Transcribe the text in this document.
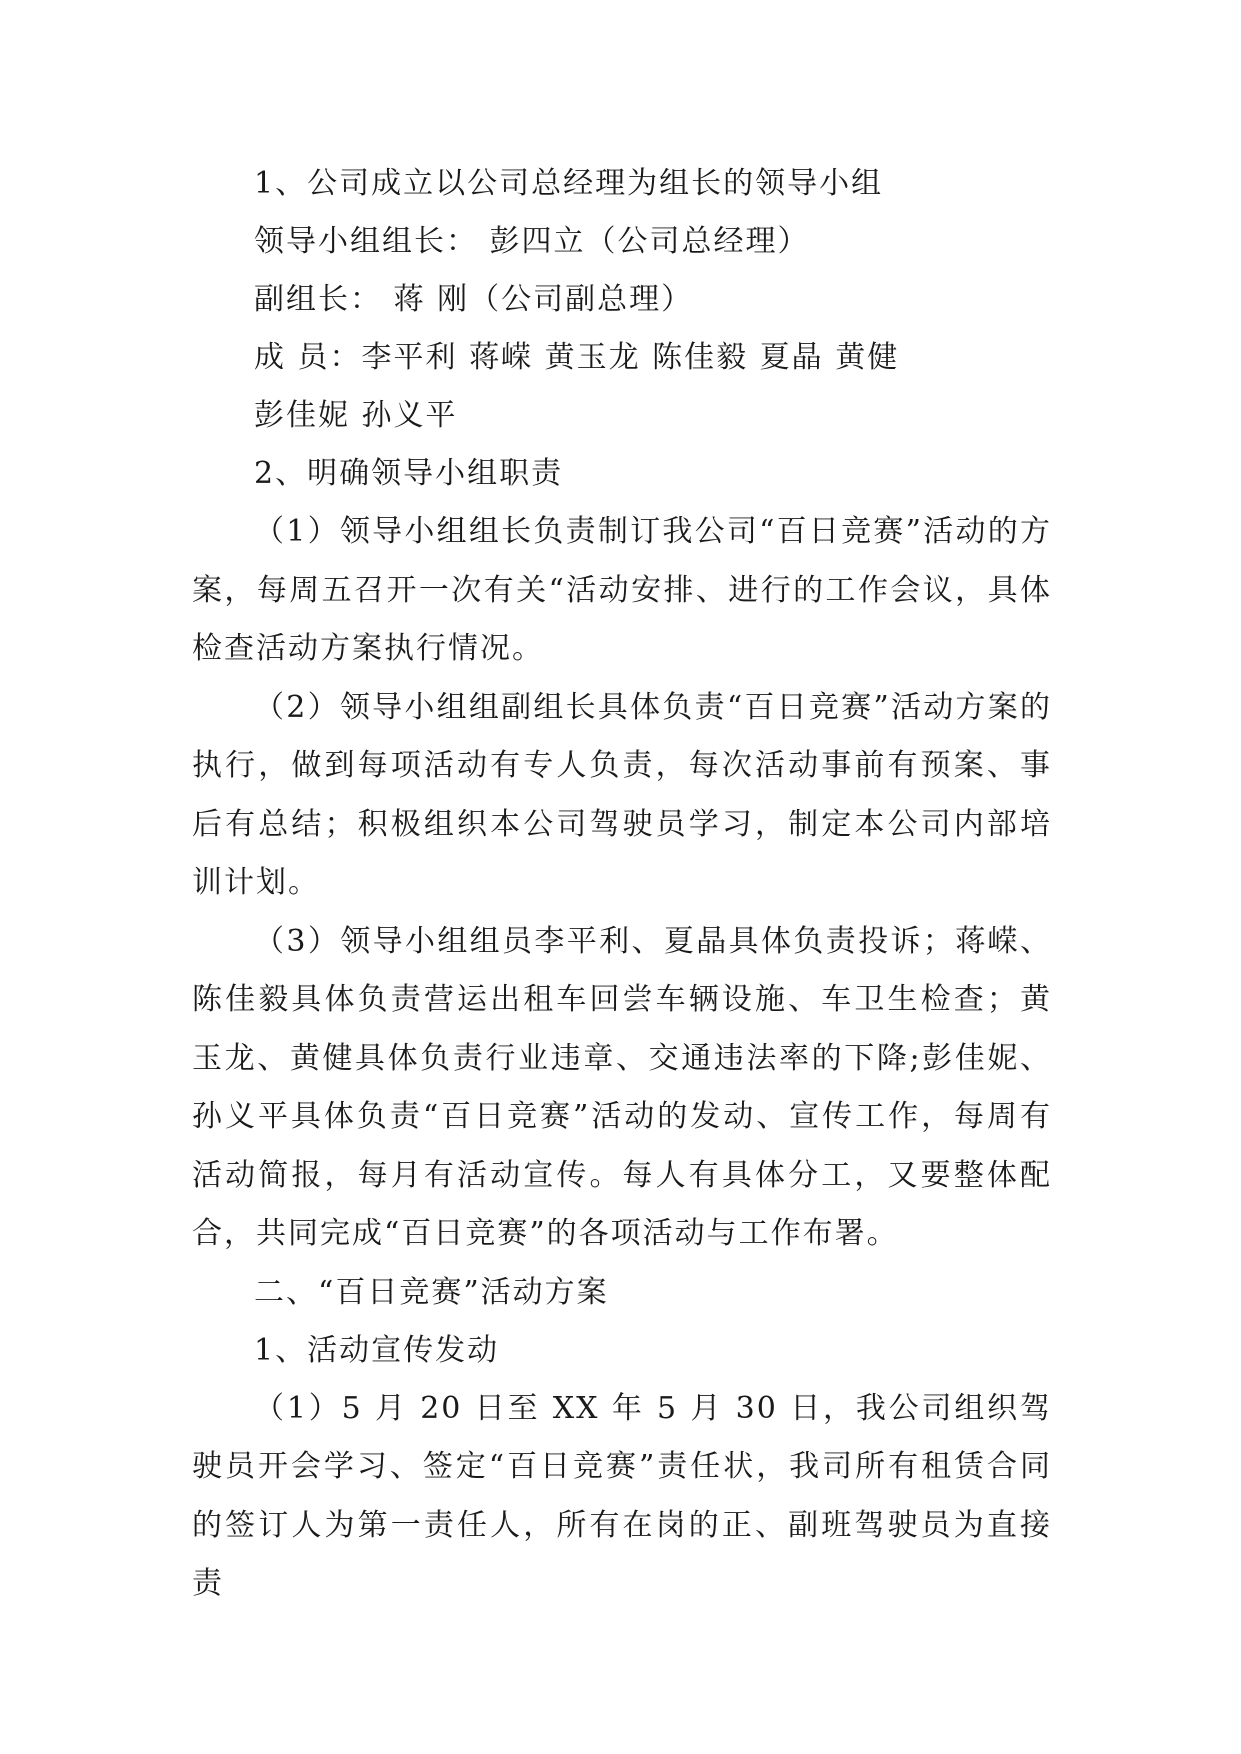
1、公司成立以公司总经理为组长的领导小组
领导小组组长： 彭四立（公司总经理）
副组长： 蒋 刚（公司副总理）
成 员：李平利 蒋嵘 黄玉龙 陈佳毅 夏晶 黄健
彭佳妮 孙义平
2、明确领导小组职责

（1）领导小组组长负责制订我公司“百日竞赛”活动的方案，每周五召开一次有关“活动安排、进行的工作会议，具体检查活动方案执行情况。

（2）领导小组组副组长具体负责“百日竞赛”活动方案的执行，做到每项活动有专人负责，每次活动事前有预案、事后有总结；积极组织本公司驾驶员学习，制定本公司内部培训计划。

（3）领导小组组员李平利、夏晶具体负责投诉；蒋嵘、陈佳毅具体负责营运出租车回尝车辆设施、车卫生检查；黄玉龙、黄健具体负责行业违章、交通违法率的下降;彭佳妮、孙义平具体负责“百日竞赛”活动的发动、宣传工作，每周有活动简报，每月有活动宣传。每人有具体分工，又要整体配合，共同完成“百日竞赛”的各项活动与工作布署。

二、“百日竞赛”活动方案
1、活动宣传发动

（1）5 月 20 日至 XX 年 5 月 30 日，我公司组织驾驶员开会学习、签定“百日竞赛”责任状，我司所有租赁合同的签订人为第一责任人，所有在岗的正、副班驾驶员为直接责
